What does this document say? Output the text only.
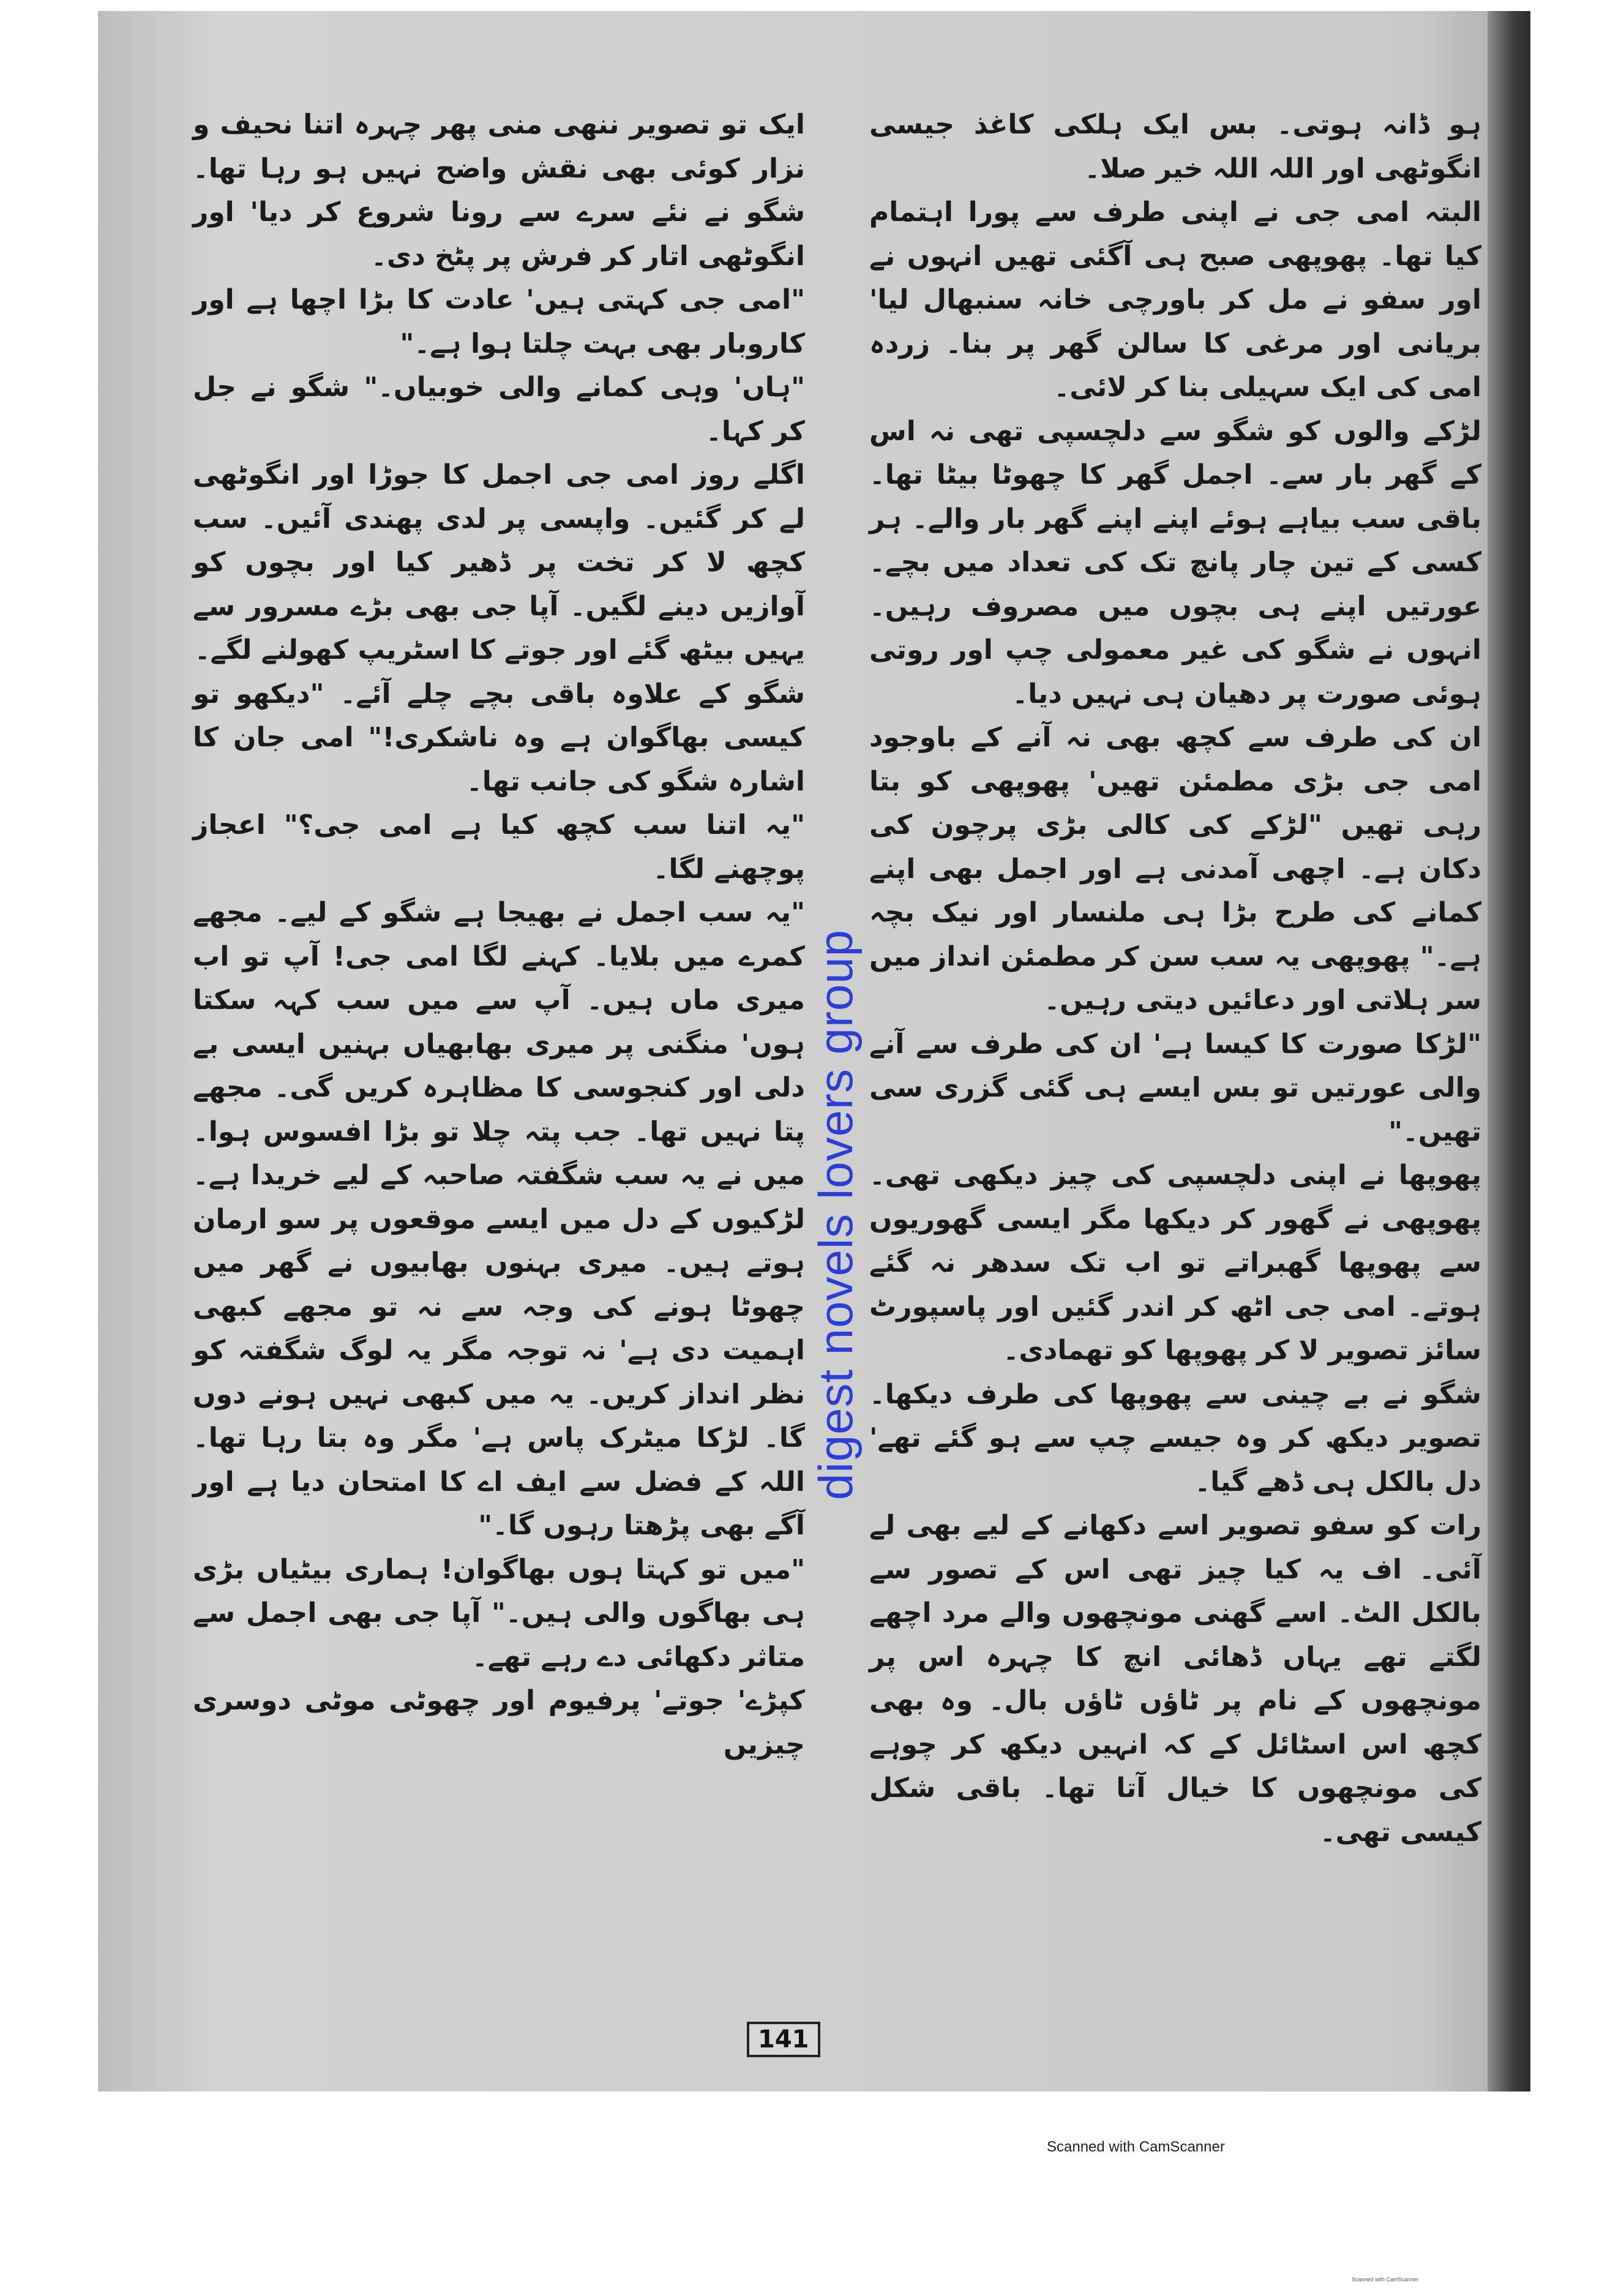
ہو ڈانہ ہوتی۔ بس ایک ہلکی کاغذ جیسی انگوٹھی اور اللہ اللہ خیر صلا۔

البتہ امی جی نے اپنی طرف سے پورا اہتمام کیا تھا۔ پھوپھی صبح ہی آگئی تھیں انہوں نے اور سفو نے مل کر باورچی خانہ سنبھال لیا' بریانی اور مرغی کا سالن گھر پر بنا۔ زردہ امی کی ایک سہیلی بنا کر لائی۔

لڑکے والوں کو شگو سے دلچسپی تھی نہ اس کے گھر بار سے۔ اجمل گھر کا چھوٹا بیٹا تھا۔ باقی سب بیاہے ہوئے اپنے اپنے گھر بار والے۔ ہر کسی کے تین چار پانچ تک کی تعداد میں بچے۔ عورتیں اپنے ہی بچوں میں مصروف رہیں۔ انہوں نے شگو کی غیر معمولی چپ اور روتی ہوئی صورت پر دھیان ہی نہیں دیا۔

ان کی طرف سے کچھ بھی نہ آنے کے باوجود امی جی بڑی مطمئن تھیں' پھوپھی کو بتا رہی تھیں "لڑکے کی کالی بڑی پرچون کی دکان ہے۔ اچھی آمدنی ہے اور اجمل بھی اپنے کمانے کی طرح بڑا ہی ملنسار اور نیک بچہ ہے۔" پھوپھی یہ سب سن کر مطمئن انداز میں سر ہلاتی اور دعائیں دیتی رہیں۔

"لڑکا صورت کا کیسا ہے' ان کی طرف سے آنے والی عورتیں تو بس ایسے ہی گئی گزری سی تھیں۔"

پھوپھا نے اپنی دلچسپی کی چیز دیکھی تھی۔ پھوپھی نے گھور کر دیکھا مگر ایسی گھوریوں سے پھوپھا گھبراتے تو اب تک سدھر نہ گئے ہوتے۔ امی جی اٹھ کر اندر گئیں اور پاسپورٹ سائز تصویر لا کر پھوپھا کو تھمادی۔

شگو نے بے چینی سے پھوپھا کی طرف دیکھا۔ تصویر دیکھ کر وہ جیسے چپ سے ہو گئے تھے' دل بالکل ہی ڈھے گیا۔

رات کو سفو تصویر اسے دکھانے کے لیے بھی لے آئی۔ اف یہ کیا چیز تھی اس کے تصور سے بالکل الٹ۔ اسے گھنی مونچھوں والے مرد اچھے لگتے تھے یہاں ڈھائی انچ کا چہرہ اس پر مونچھوں کے نام پر ٹاؤں ٹاؤں بال۔ وہ بھی کچھ اس اسٹائل کے کہ انہیں دیکھ کر چوہے کی مونچھوں کا خیال آتا تھا۔ باقی شکل کیسی تھی۔

ایک تو تصویر ننھی منی پھر چہرہ اتنا نحیف و نزار کوئی بھی نقش واضح نہیں ہو رہا تھا۔ شگو نے نئے سرے سے رونا شروع کر دیا' اور انگوٹھی اتار کر فرش پر پٹخ دی۔

"امی جی کہتی ہیں' عادت کا بڑا اچھا ہے اور کاروبار بھی بہت چلتا ہوا ہے۔"

"ہاں' وہی کمانے والی خوبیاں۔" شگو نے جل کر کہا۔

اگلے روز امی جی اجمل کا جوڑا اور انگوٹھی لے کر گئیں۔ واپسی پر لدی پھندی آئیں۔ سب کچھ لا کر تخت پر ڈھیر کیا اور بچوں کو آوازیں دینے لگیں۔ آپا جی بھی بڑے مسرور سے یہیں بیٹھ گئے اور جوتے کا اسٹریپ کھولنے لگے۔

شگو کے علاوہ باقی بچے چلے آئے۔ "دیکھو تو کیسی بھاگوان ہے وہ ناشکری!" امی جان کا اشارہ شگو کی جانب تھا۔

"یہ اتنا سب کچھ کیا ہے امی جی؟" اعجاز پوچھنے لگا۔

"یہ سب اجمل نے بھیجا ہے شگو کے لیے۔ مجھے کمرے میں بلایا۔ کہنے لگا امی جی! آپ تو اب میری ماں ہیں۔ آپ سے میں سب کہہ سکتا ہوں' منگنی پر میری بھابھیاں بہنیں ایسی بے دلی اور کنجوسی کا مظاہرہ کریں گی۔ مجھے پتا نہیں تھا۔ جب پتہ چلا تو بڑا افسوس ہوا۔ میں نے یہ سب شگفتہ صاحبہ کے لیے خریدا ہے۔ لڑکیوں کے دل میں ایسے موقعوں پر سو ارمان ہوتے ہیں۔ میری بہنوں بھابیوں نے گھر میں چھوٹا ہونے کی وجہ سے نہ تو مجھے کبھی اہمیت دی ہے' نہ توجہ مگر یہ لوگ شگفتہ کو نظر انداز کریں۔ یہ میں کبھی نہیں ہونے دوں گا۔ لڑکا میٹرک پاس ہے' مگر وہ بتا رہا تھا۔ اللہ کے فضل سے ایف اے کا امتحان دیا ہے اور آگے بھی پڑھتا رہوں گا۔"

"میں تو کہتا ہوں بھاگوان! ہماری بیٹیاں بڑی ہی بھاگوں والی ہیں۔" آپا جی بھی اجمل سے متاثر دکھائی دے رہے تھے۔

کپڑے' جوتے' پرفیوم اور چھوٹی موٹی دوسری چیزیں

digest novels lovers group
141
Scanned with CamScanner
Scanned with CamScanner
